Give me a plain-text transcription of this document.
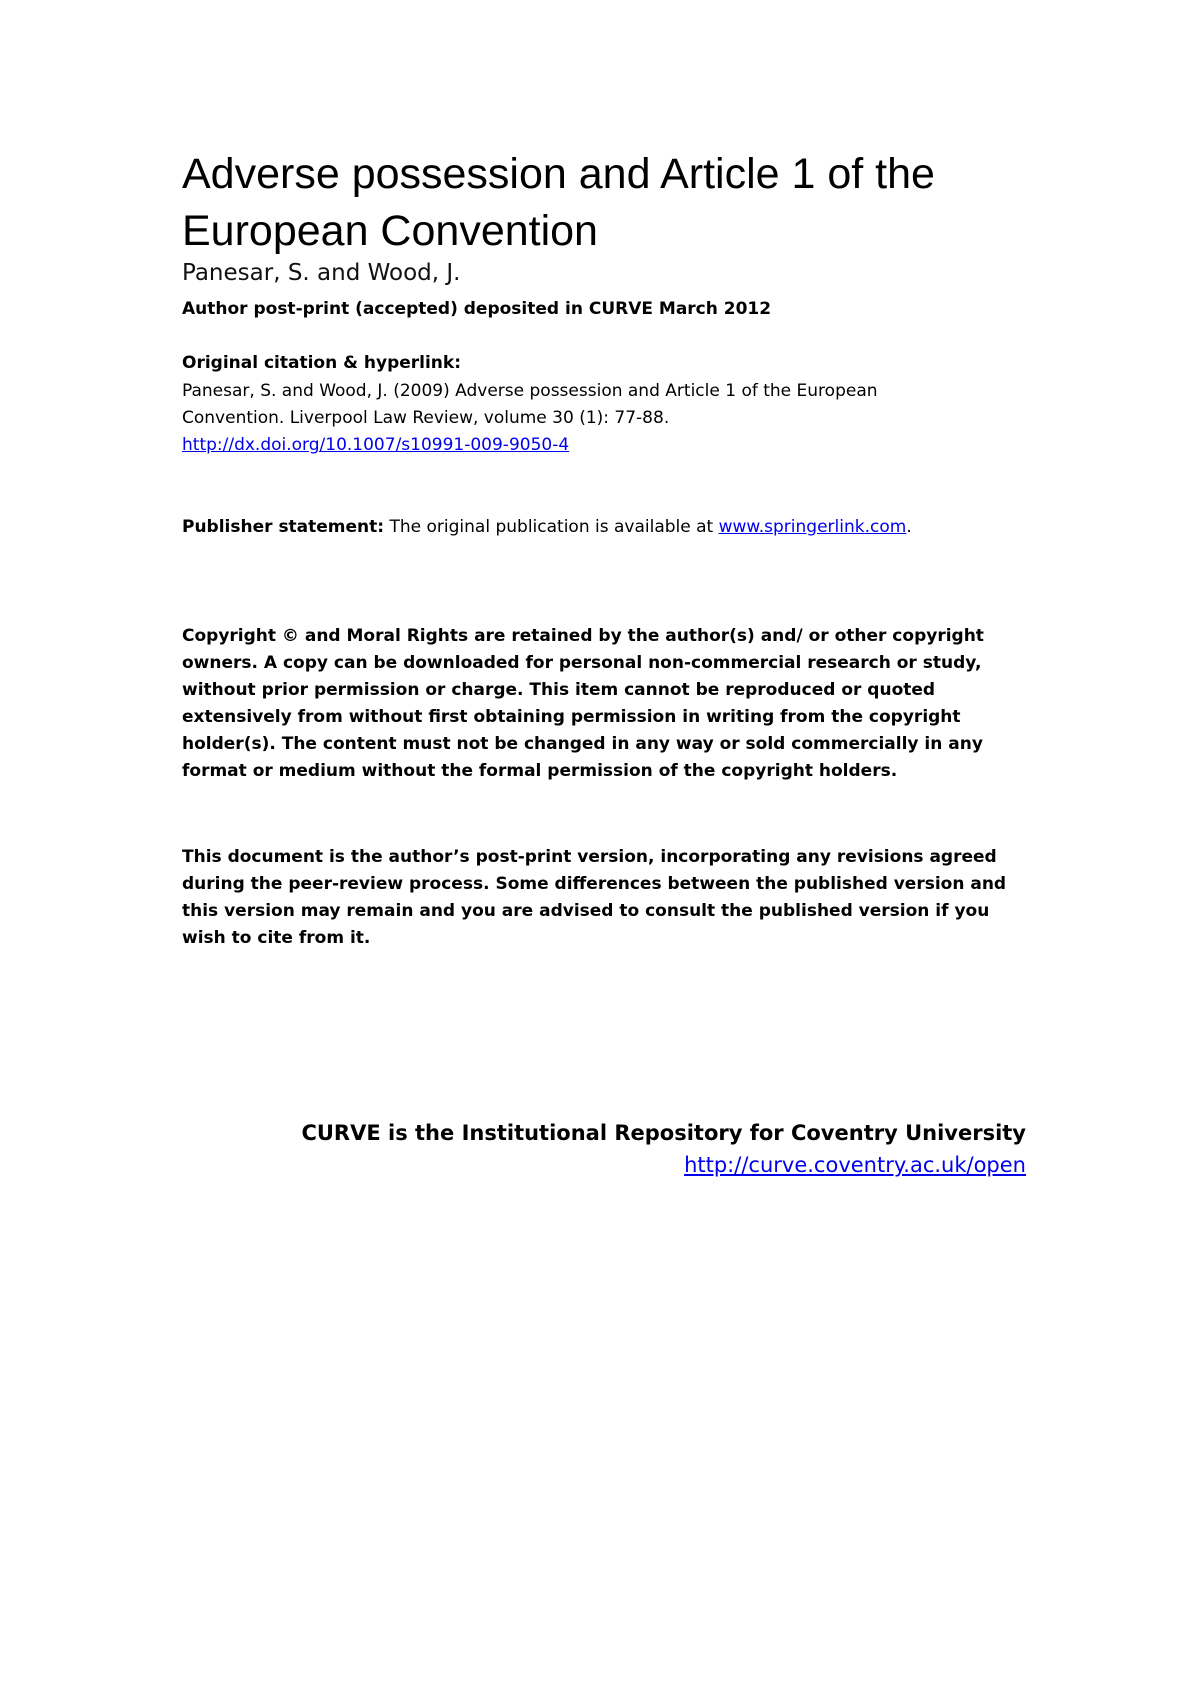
Adverse possession and Article 1 of the European Convention
Panesar, S. and Wood, J.
Author post-print (accepted) deposited in CURVE March 2012
Original citation & hyperlink:
Panesar, S. and Wood, J. (2009) Adverse possession and Article 1 of the European Convention. Liverpool Law Review, volume 30 (1): 77-88.
http://dx.doi.org/10.1007/s10991-009-9050-4
Publisher statement: The original publication is available at www.springerlink.com.
Copyright © and Moral Rights are retained by the author(s) and/ or other copyright owners. A copy can be downloaded for personal non-commercial research or study, without prior permission or charge. This item cannot be reproduced or quoted extensively from without first obtaining permission in writing from the copyright holder(s). The content must not be changed in any way or sold commercially in any format or medium without the formal permission of the copyright holders.
This document is the author’s post-print version, incorporating any revisions agreed during the peer-review process. Some differences between the published version and this version may remain and you are advised to consult the published version if you wish to cite from it.
CURVE is the Institutional Repository for Coventry University
http://curve.coventry.ac.uk/open
